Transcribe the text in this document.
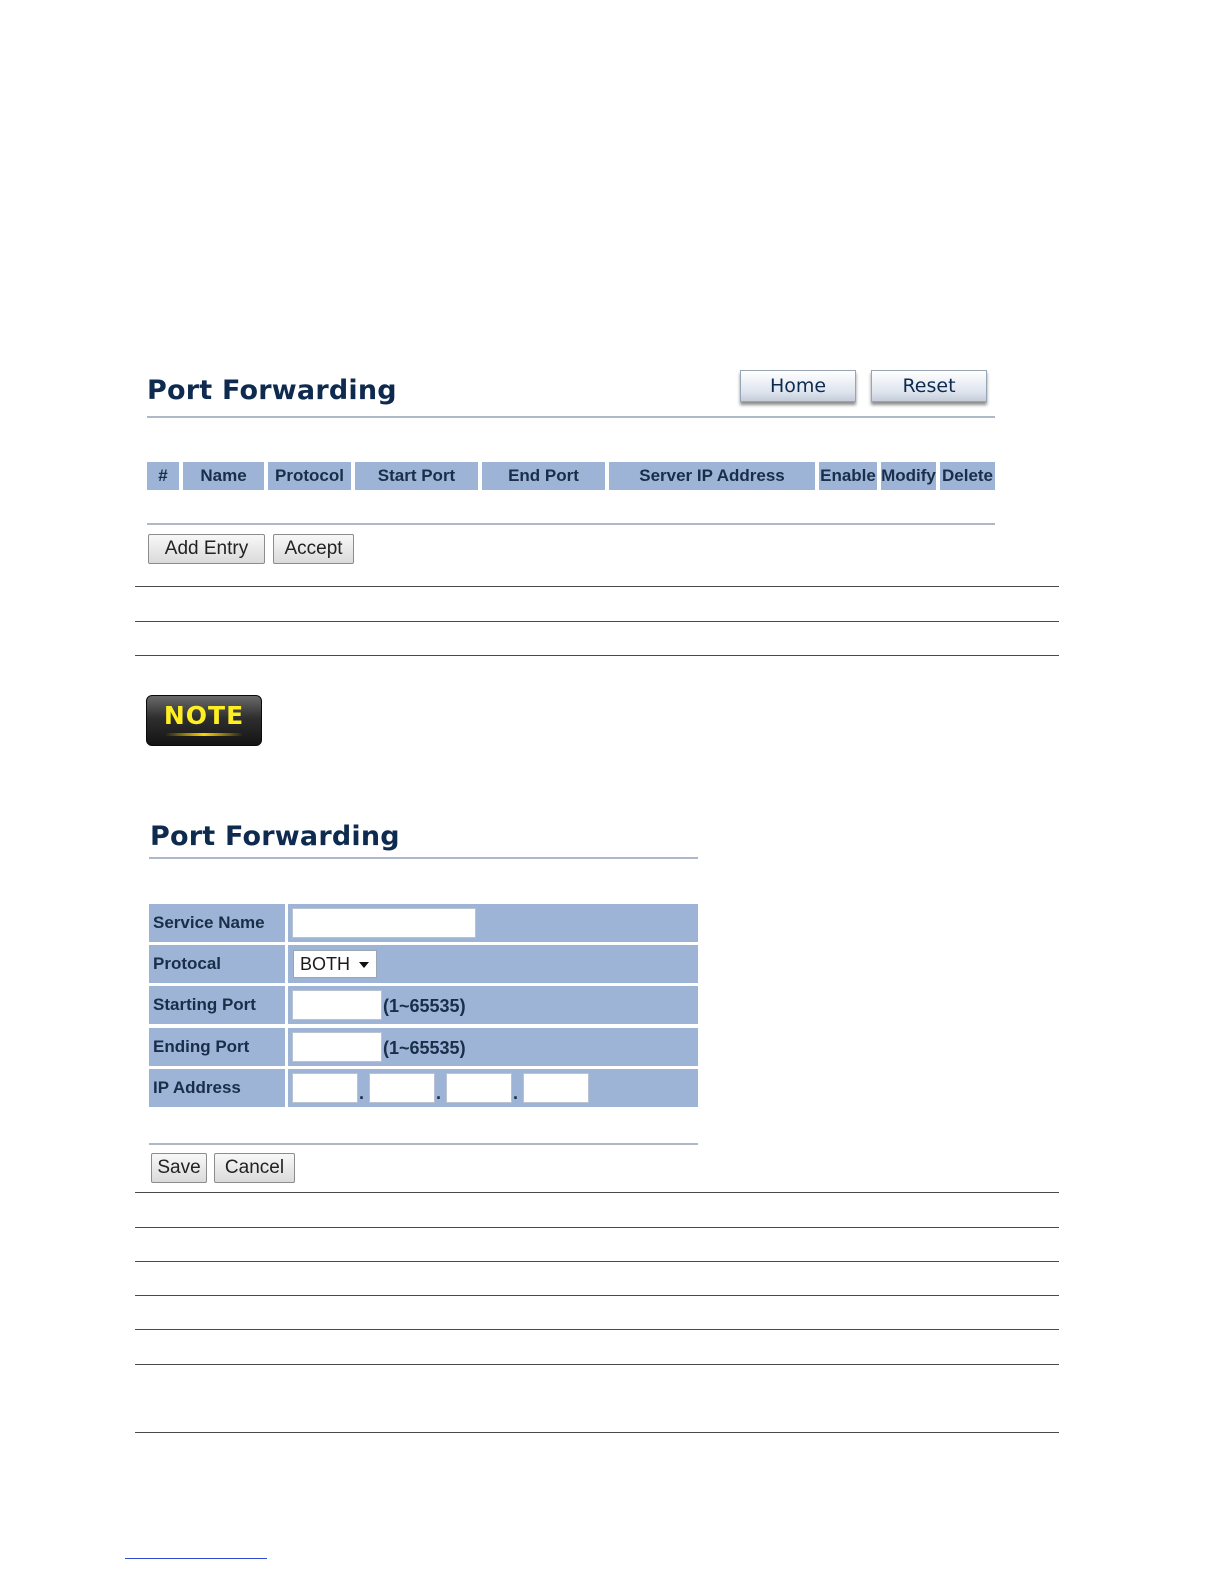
Port Forwarding	Home	Reset
#	Name	Protocol	Start Port	End Port	Server IP Address	Enable Modify Delete
Add Entry	Accept
NOTE
Port Forwarding
Service Name
Protocal	BOTH
Starting Port	(1~65535)
Ending Port	(1~65535)
IP Address	.	.	.
Save	Cancel
